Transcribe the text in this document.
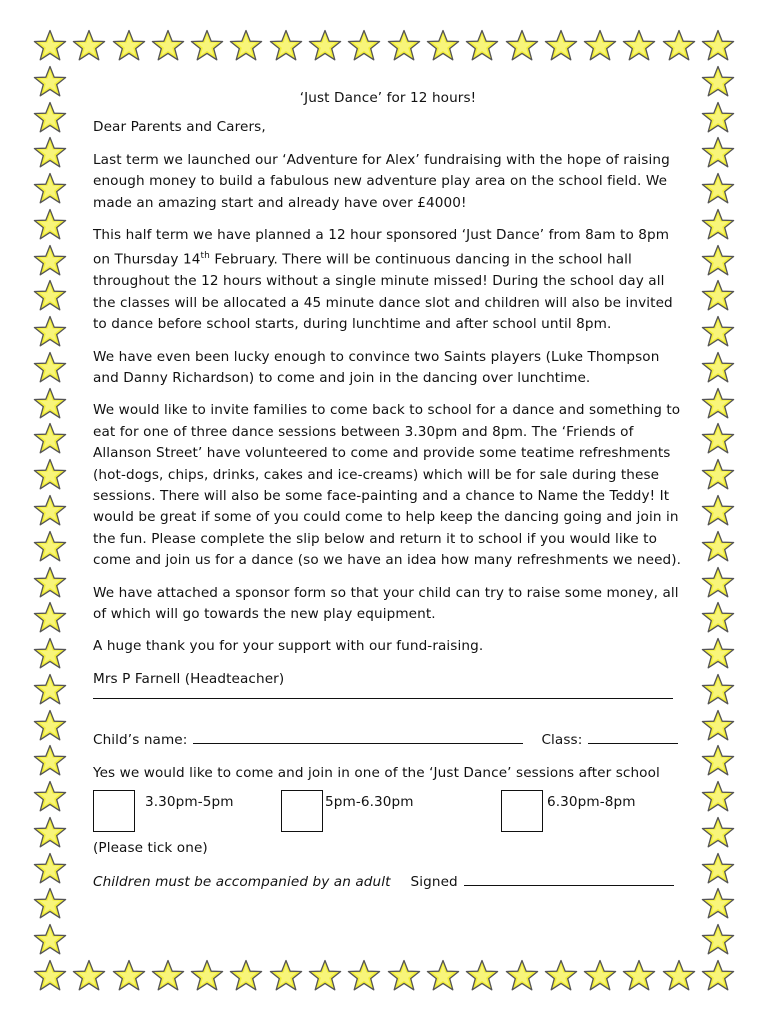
‘Just Dance’ for 12 hours!

Dear Parents and Carers,

Last term we launched our ‘Adventure for Alex’ fundraising with the hope of raising enough money to build a fabulous new adventure play area on the school field. We made an amazing start and already have over £4000!

This half term we have planned a 12 hour sponsored ‘Just Dance’ from 8am to 8pm on Thursday 14th February. There will be continuous dancing in the school hall throughout the 12 hours without a single minute missed! During the school day all the classes will be allocated a 45 minute dance slot and children will also be invited to dance before school starts, during lunchtime and after school until 8pm.

We have even been lucky enough to convince two Saints players (Luke Thompson and Danny Richardson) to come and join in the dancing over lunchtime.

We would like to invite families to come back to school for a dance and something to eat for one of three dance sessions between 3.30pm and 8pm. The ‘Friends of Allanson Street’ have volunteered to come and provide some teatime refreshments (hot-dogs, chips, drinks, cakes and ice-creams) which will be for sale during these sessions. There will also be some face-painting and a chance to Name the Teddy! It would be great if some of you could come to help keep the dancing going and join in the fun. Please complete the slip below and return it to school if you would like to come and join us for a dance (so we have an idea how many refreshments we need).

We have attached a sponsor form so that your child can try to raise some money, all of which will go towards the new play equipment.

A huge thank you for your support with our fund-raising.

Mrs P Farnell (Headteacher)
Child’s name:	Class:
Yes we would like to come and join in one of the ‘Just Dance’ sessions after school
3.30pm-5pm	5pm-6.30pm	6.30pm-8pm
(Please tick one)
Children must be accompanied by an adult Signed
